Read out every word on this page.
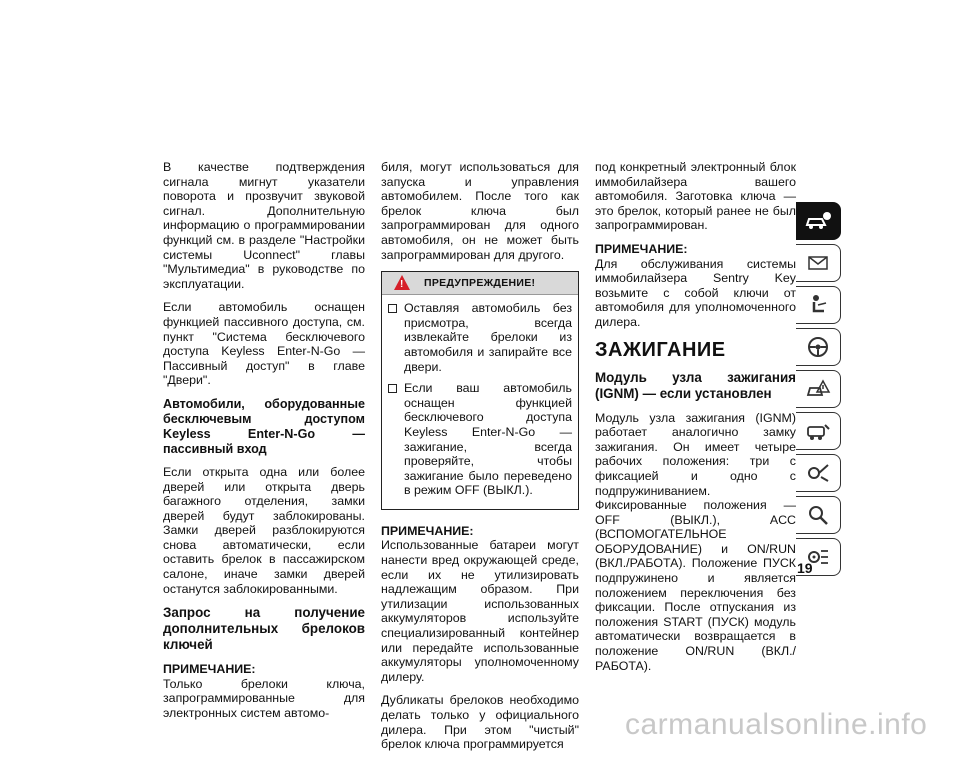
В качестве подтверждения сигнала мигнут указатели поворота и прозвучит звуковой сигнал. Дополнительную информацию о программировании функций см. в разделе "Настройки системы Uconnect" главы "Мультимедиа" в руководстве по эксплуатации.

Если автомобиль оснащен функцией пассивного доступа, см. пункт "Система бесключевого доступа Keyless Enter-N-Go — Пассивный доступ" в главе "Двери".

Автомобили, оборудованные бесключевым доступом Keyless Enter-N-Go — пассивный вход

Если открыта одна или более дверей или открыта дверь багажного отделения, замки дверей будут заблокированы. Замки дверей разблокируются снова автоматически, если оставить брелок в пассажирском салоне, иначе замки дверей останутся заблокированными.

Запрос на получение дополнительных брелоков ключей

ПРИМЕЧАНИЕ:

Только брелоки ключа, запрограммированные для электронных систем автомо-

биля, могут использоваться для запуска и управления автомобилем. После того как брелок ключа был запрограммирован для одного автомобиля, он не может быть запрограммирован для другого.

!
ПРЕДУПРЕЖДЕНИЕ!
Оставляя автомобиль без присмотра, всегда извлекайте брелоки из автомобиля и запирайте все двери.
Если ваш автомобиль оснащен функцией бесключевого доступа Keyless Enter-N-Go — зажигание, всегда проверяйте, чтобы зажигание было переведено в режим OFF (ВЫКЛ.).

ПРИМЕЧАНИЕ:

Использованные батареи могут нанести вред окружающей среде, если их не утилизировать надлежащим образом. При утилизации использованных аккумуляторов используйте специализированный контейнер или передайте использованные аккумуляторы уполномоченному дилеру.

Дубликаты брелоков необходимо делать только у официального дилера. При этом "чистый" брелок ключа программируется

под конкретный электронный блок иммобилайзера вашего автомобиля. Заготовка ключа — это брелок, который ранее не был запрограммирован.

ПРИМЕЧАНИЕ:

Для обслуживания системы иммобилайзера Sentry Key возьмите с собой ключи от автомобиля для уполномоченного дилера.

ЗАЖИГАНИЕ

Модуль узла зажигания (IGNM) — если установлен

Модуль узла зажигания (IGNM) работает аналогично замку зажигания. Он имеет четыре рабочих положения: три с фиксацией и одно с подпружиниванием. Фиксированные положения — OFF (ВЫКЛ.), ACC (ВСПОМОГАТЕЛЬНОЕ ОБОРУДОВАНИЕ) и ON/RUN (ВКЛ./РАБОТА). Положение ПУСК подпружинено и является положением переключения без фиксации. После отпускания из положения START (ПУСК) модуль автоматически возвращается в положение ON/RUN (ВКЛ./РАБОТА).

19
carmanualsonline.info
